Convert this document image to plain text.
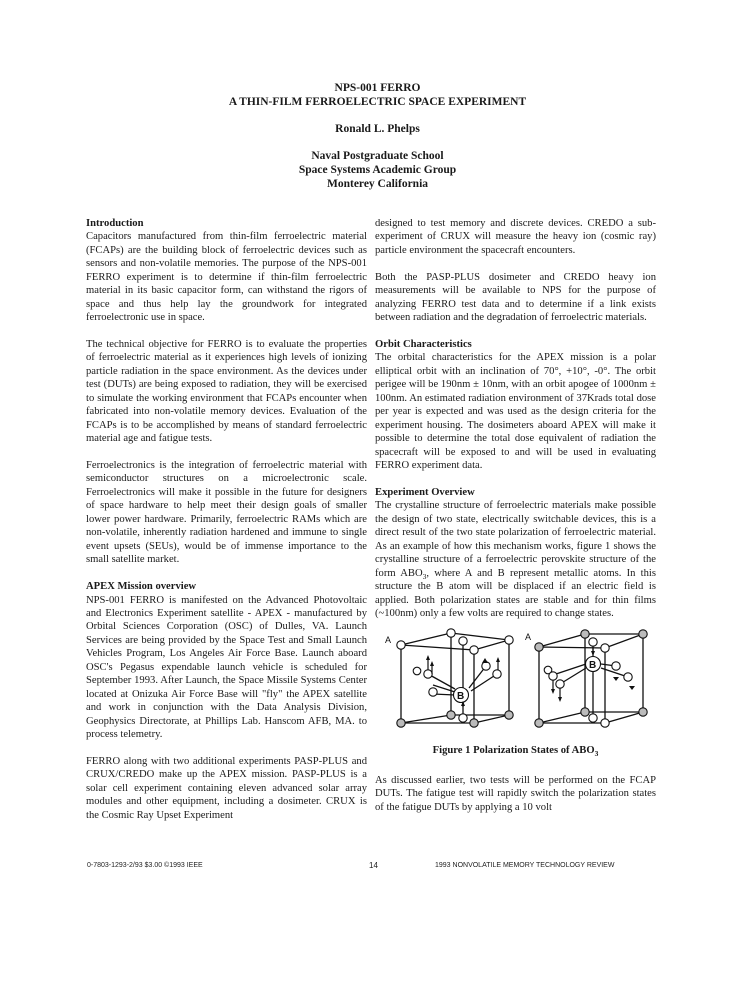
NPS-001 FERRO
A THIN-FILM FERROELECTRIC SPACE EXPERIMENT
Ronald L. Phelps
Naval Postgraduate School
Space Systems Academic Group
Monterey California
Introduction

Capacitors manufactured from thin-film ferroelectric material (FCAPs) are the building block of ferroelectric devices such as sensors and non-volatile memories. The purpose of the NPS-001 FERRO experiment is to determine if thin-film ferroelectric material in its basic capacitor form, can withstand the rigors of space and thus help lay the groundwork for integrated ferroelectronic use in space.

The technical objective for FERRO is to evaluate the properties of ferroelectric material as it experiences high levels of ionizing particle radiation in the space environment. As the devices under test (DUTs) are being exposed to radiation, they will be exercised to simulate the working environment that FCAPs encounter when fabricated into non-volatile memory devices. Evaluation of the FCAPs is to be accomplished by means of standard ferroelectric material age and fatigue tests.

Ferroelectronics is the integration of ferroelectric material with semiconductor structures on a microelectronic scale. Ferroelectronics will make it possible in the future for designers of space hardware to help meet their design goals of smaller lower power hardware. Primarily, ferroelectric RAMs which are non-volatile, inherently radiation hardened and immune to single event upsets (SEUs), would be of immense importance to the small satellite market.

APEX Mission overview

NPS-001 FERRO is manifested on the Advanced Photovoltaic and Electronics Experiment satellite - APEX - manufactured by Orbital Sciences Corporation (OSC) of Dulles, VA. Launch Services are being provided by the Space Test and Small Launch Vehicles Program, Los Angeles Air Force Base. Launch aboard OSC's Pegasus expendable launch vehicle is scheduled for September 1993. After Launch, the Space Missile Systems Center located at Onizuka Air Force Base will "fly" the APEX satellite and work in conjunction with the Data Analysis Division, Geophysics Directorate, at Phillips Lab. Hanscom AFB, MA. to process telemetry.

FERRO along with two additional experiments PASP-PLUS and CRUX/CREDO make up the APEX mission. PASP-PLUS is a solar cell experiment containing eleven advanced solar array modules and other equipment, including a dosimeter. CRUX is the Cosmic Ray Upset Experiment

designed to test memory and discrete devices. CREDO a sub-experiment of CRUX will measure the heavy ion (cosmic ray) particle environment the spacecraft encounters.

Both the PASP-PLUS dosimeter and CREDO heavy ion measurements will be available to NPS for the purpose of analyzing FERRO test data and to determine if a link exists between radiation and the degradation of ferroelectric materials.

Orbit Characteristics

The orbital characteristics for the APEX mission is a polar elliptical orbit with an inclination of 70°, +10°, -0°. The orbit perigee will be 190nm ± 10nm, with an orbit apogee of 1000nm ± 100nm. An estimated radiation environment of 37Krads total dose per year is expected and was used as the design criteria for the experiment housing. The dosimeters aboard APEX will make it possible to determine the total dose equivalent of radiation the spacecraft will be exposed to and will be used in evaluating FERRO experiment data.

Experiment Overview

The crystalline structure of ferroelectric materials make possible the design of two state, electrically switchable devices, this is a direct result of the two state polarization of ferroelectric material. As an example of how this mechanism works, figure 1 shows the crystalline structure of a ferroelectric perovskite structure of the form $ABO_3$, where A and B represent metallic atoms. In this structure the B atom will be displaced if an electric field is applied. Both polarization states are stable and for thin films (~100nm) only a few volts are required to change states.

A
B
A
B
Figure 1 Polarization States of $ABO_3$

As discussed earlier, two tests will be performed on the FCAP DUTs. The fatigue test will rapidly switch the polarization states of the fatigue DUTs by applying a 10 volt

0-7803-1293-2/93 $3.00 ©1993 IEEE	14	1993 NONVOLATILE MEMORY TECHNOLOGY REVIEW
